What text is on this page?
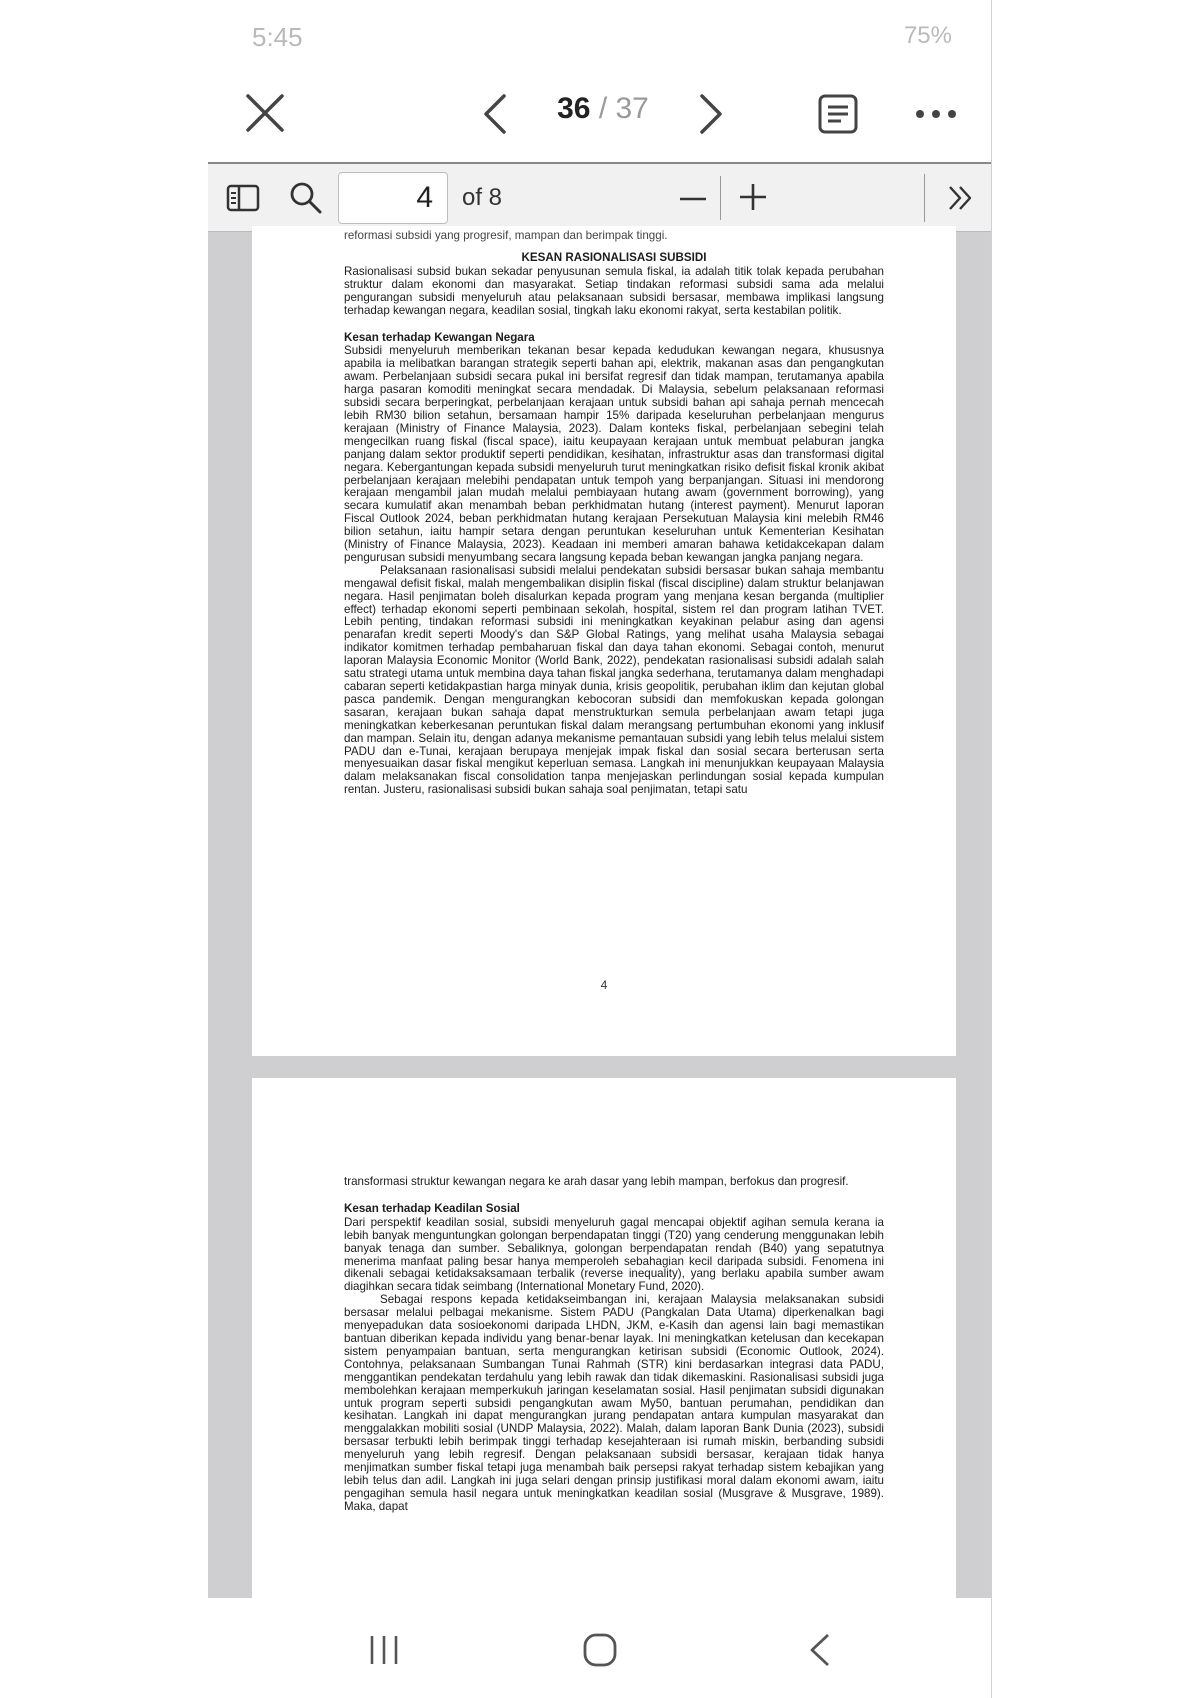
5:45	75%
36 / 37
4
of 8

reformasi subsidi yang progresif, mampan dan berimpak tinggi.

KESAN RASIONALISASI SUBSIDI

Rasionalisasi subsid bukan sekadar penyusunan semula fiskal, ia adalah titik tolak kepada perubahan struktur dalam ekonomi dan masyarakat. Setiap tindakan reformasi subsidi sama ada melalui pengurangan subsidi menyeluruh atau pelaksanaan subsidi bersasar, membawa implikasi langsung terhadap kewangan negara, keadilan sosial, tingkah laku ekonomi rakyat, serta kestabilan politik.

Kesan terhadap Kewangan Negara

Subsidi menyeluruh memberikan tekanan besar kepada kedudukan kewangan negara, khususnya apabila ia melibatkan barangan strategik seperti bahan api, elektrik, makanan asas dan pengangkutan awam. Perbelanjaan subsidi secara pukal ini bersifat regresif dan tidak mampan, terutamanya apabila harga pasaran komoditi meningkat secara mendadak. Di Malaysia, sebelum pelaksanaan reformasi subsidi secara berperingkat, perbelanjaan kerajaan untuk subsidi bahan api sahaja pernah mencecah lebih RM30 bilion setahun, bersamaan hampir 15% daripada keseluruhan perbelanjaan mengurus kerajaan (Ministry of Finance Malaysia, 2023). Dalam konteks fiskal, perbelanjaan sebegini telah mengecilkan ruang fiskal (fiscal space), iaitu keupayaan kerajaan untuk membuat pelaburan jangka panjang dalam sektor produktif seperti pendidikan, kesihatan, infrastruktur asas dan transformasi digital negara. Kebergantungan kepada subsidi menyeluruh turut meningkatkan risiko defisit fiskal kronik akibat perbelanjaan kerajaan melebihi pendapatan untuk tempoh yang berpanjangan. Situasi ini mendorong kerajaan mengambil jalan mudah melalui pembiayaan hutang awam (government borrowing), yang secara kumulatif akan menambah beban perkhidmatan hutang (interest payment). Menurut laporan Fiscal Outlook 2024, beban perkhidmatan hutang kerajaan Persekutuan Malaysia kini melebih RM46 bilion setahun, iaitu hampir setara dengan peruntukan keseluruhan untuk Kementerian Kesihatan (Ministry of Finance Malaysia, 2023). Keadaan ini memberi amaran bahawa ketidakcekapan dalam pengurusan subsidi menyumbang secara langsung kepada beban kewangan jangka panjang negara.

Pelaksanaan rasionalisasi subsidi melalui pendekatan subsidi bersasar bukan sahaja membantu mengawal defisit fiskal, malah mengembalikan disiplin fiskal (fiscal discipline) dalam struktur belanjawan negara. Hasil penjimatan boleh disalurkan kepada program yang menjana kesan berganda (multiplier effect) terhadap ekonomi seperti pembinaan sekolah, hospital, sistem rel dan program latihan TVET. Lebih penting, tindakan reformasi subsidi ini meningkatkan keyakinan pelabur asing dan agensi penarafan kredit seperti Moody's dan S&P Global Ratings, yang melihat usaha Malaysia sebagai indikator komitmen terhadap pembaharuan fiskal dan daya tahan ekonomi. Sebagai contoh, menurut laporan Malaysia Economic Monitor (World Bank, 2022), pendekatan rasionalisasi subsidi adalah salah satu strategi utama untuk membina daya tahan fiskal jangka sederhana, terutamanya dalam menghadapi cabaran seperti ketidakpastian harga minyak dunia, krisis geopolitik, perubahan iklim dan kejutan global pasca pandemik. Dengan mengurangkan kebocoran subsidi dan memfokuskan kepada golongan sasaran, kerajaan bukan sahaja dapat menstrukturkan semula perbelanjaan awam tetapi juga meningkatkan keberkesanan peruntukan fiskal dalam merangsang pertumbuhan ekonomi yang inklusif dan mampan. Selain itu, dengan adanya mekanisme pemantauan subsidi yang lebih telus melalui sistem PADU dan e-Tunai, kerajaan berupaya menjejak impak fiskal dan sosial secara berterusan serta menyesuaikan dasar fiskal mengikut keperluan semasa. Langkah ini menunjukkan keupayaan Malaysia dalam melaksanakan fiscal consolidation tanpa menjejaskan perlindungan sosial kepada kumpulan rentan. Justeru, rasionalisasi subsidi bukan sahaja soal penjimatan, tetapi satu

4

transformasi struktur kewangan negara ke arah dasar yang lebih mampan, berfokus dan progresif.

Kesan terhadap Keadilan Sosial

Dari perspektif keadilan sosial, subsidi menyeluruh gagal mencapai objektif agihan semula kerana ia lebih banyak menguntungkan golongan berpendapatan tinggi (T20) yang cenderung menggunakan lebih banyak tenaga dan sumber. Sebaliknya, golongan berpendapatan rendah (B40) yang sepatutnya menerima manfaat paling besar hanya memperoleh sebahagian kecil daripada subsidi. Fenomena ini dikenali sebagai ketidaksaksamaan terbalik (reverse inequality), yang berlaku apabila sumber awam diagihkan secara tidak seimbang (International Monetary Fund, 2020).

Sebagai respons kepada ketidakseimbangan ini, kerajaan Malaysia melaksanakan subsidi bersasar melalui pelbagai mekanisme. Sistem PADU (Pangkalan Data Utama) diperkenalkan bagi menyepadukan data sosioekonomi daripada LHDN, JKM, e-Kasih dan agensi lain bagi memastikan bantuan diberikan kepada individu yang benar-benar layak. Ini meningkatkan ketelusan dan kecekapan sistem penyampaian bantuan, serta mengurangkan ketirisan subsidi (Economic Outlook, 2024). Contohnya, pelaksanaan Sumbangan Tunai Rahmah (STR) kini berdasarkan integrasi data PADU, menggantikan pendekatan terdahulu yang lebih rawak dan tidak dikemaskini. Rasionalisasi subsidi juga membolehkan kerajaan memperkukuh jaringan keselamatan sosial. Hasil penjimatan subsidi digunakan untuk program seperti subsidi pengangkutan awam My50, bantuan perumahan, pendidikan dan kesihatan. Langkah ini dapat mengurangkan jurang pendapatan antara kumpulan masyarakat dan menggalakkan mobiliti sosial (UNDP Malaysia, 2022). Malah, dalam laporan Bank Dunia (2023), subsidi bersasar terbukti lebih berimpak tinggi terhadap kesejahteraan isi rumah miskin, berbanding subsidi menyeluruh yang lebih regresif. Dengan pelaksanaan subsidi bersasar, kerajaan tidak hanya menjimatkan sumber fiskal tetapi juga menambah baik persepsi rakyat terhadap sistem kebajikan yang lebih telus dan adil. Langkah ini juga selari dengan prinsip justifikasi moral dalam ekonomi awam, iaitu pengagihan semula hasil negara untuk meningkatkan keadilan sosial (Musgrave & Musgrave, 1989). Maka, dapat
